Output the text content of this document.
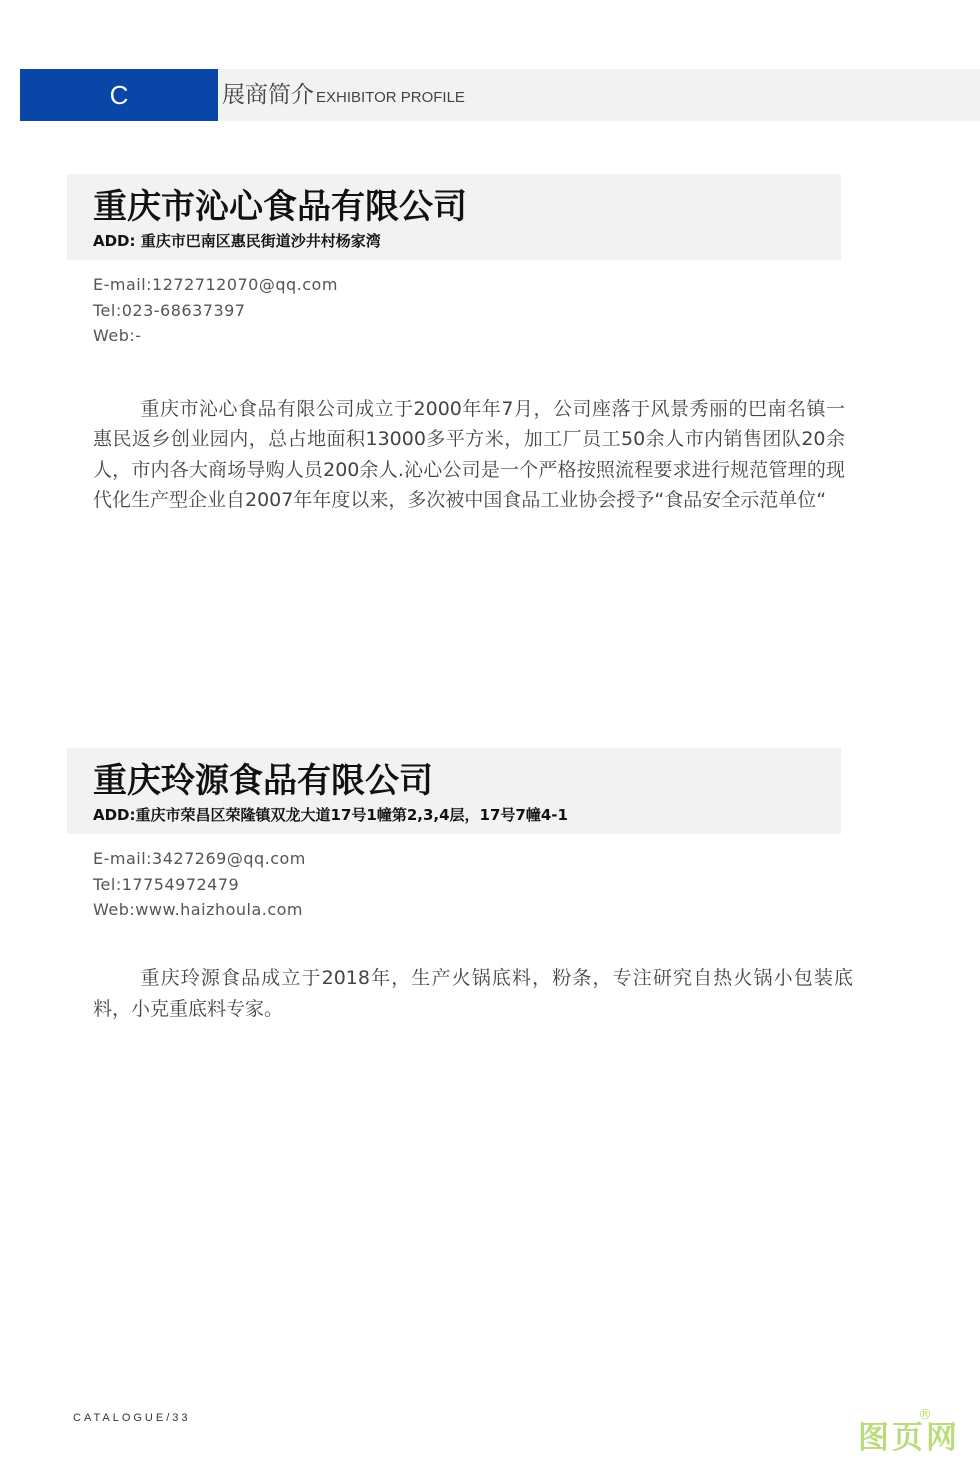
C	展商简介 EXHIBITOR PROFILE
重庆市沁心食品有限公司
ADD: 重庆市巴南区惠民街道沙井村杨家湾
E-mail:1272712070@qq.com
Tel:023-68637397
Web:-
重庆市沁心食品有限公司成立于2000年年7月，公司座落于风景秀丽的巴南名镇一惠民返乡创业园内，总占地面积13000多平方米，加工厂员工50余人市内销售团队20余人，市内各大商场导购人员200余人.沁心公司是一个严格按照流程要求进行规范管理的现代化生产型企业自2007年年度以来，多次被中国食品工业协会授予“食品安全示范单位“
重庆玲源食品有限公司
ADD:重庆市荣昌区荣隆镇双龙大道17号1幢第2,3,4层，17号7幢4-1
E-mail:3427269@qq.com
Tel:17754972479
Web:www.haizhoula.com
重庆玲源食品成立于2018年，生产火锅底料，粉条，专注研究自热火锅小包装底料，小克重底料专家。
CATALOGUE/33
图页网
®
